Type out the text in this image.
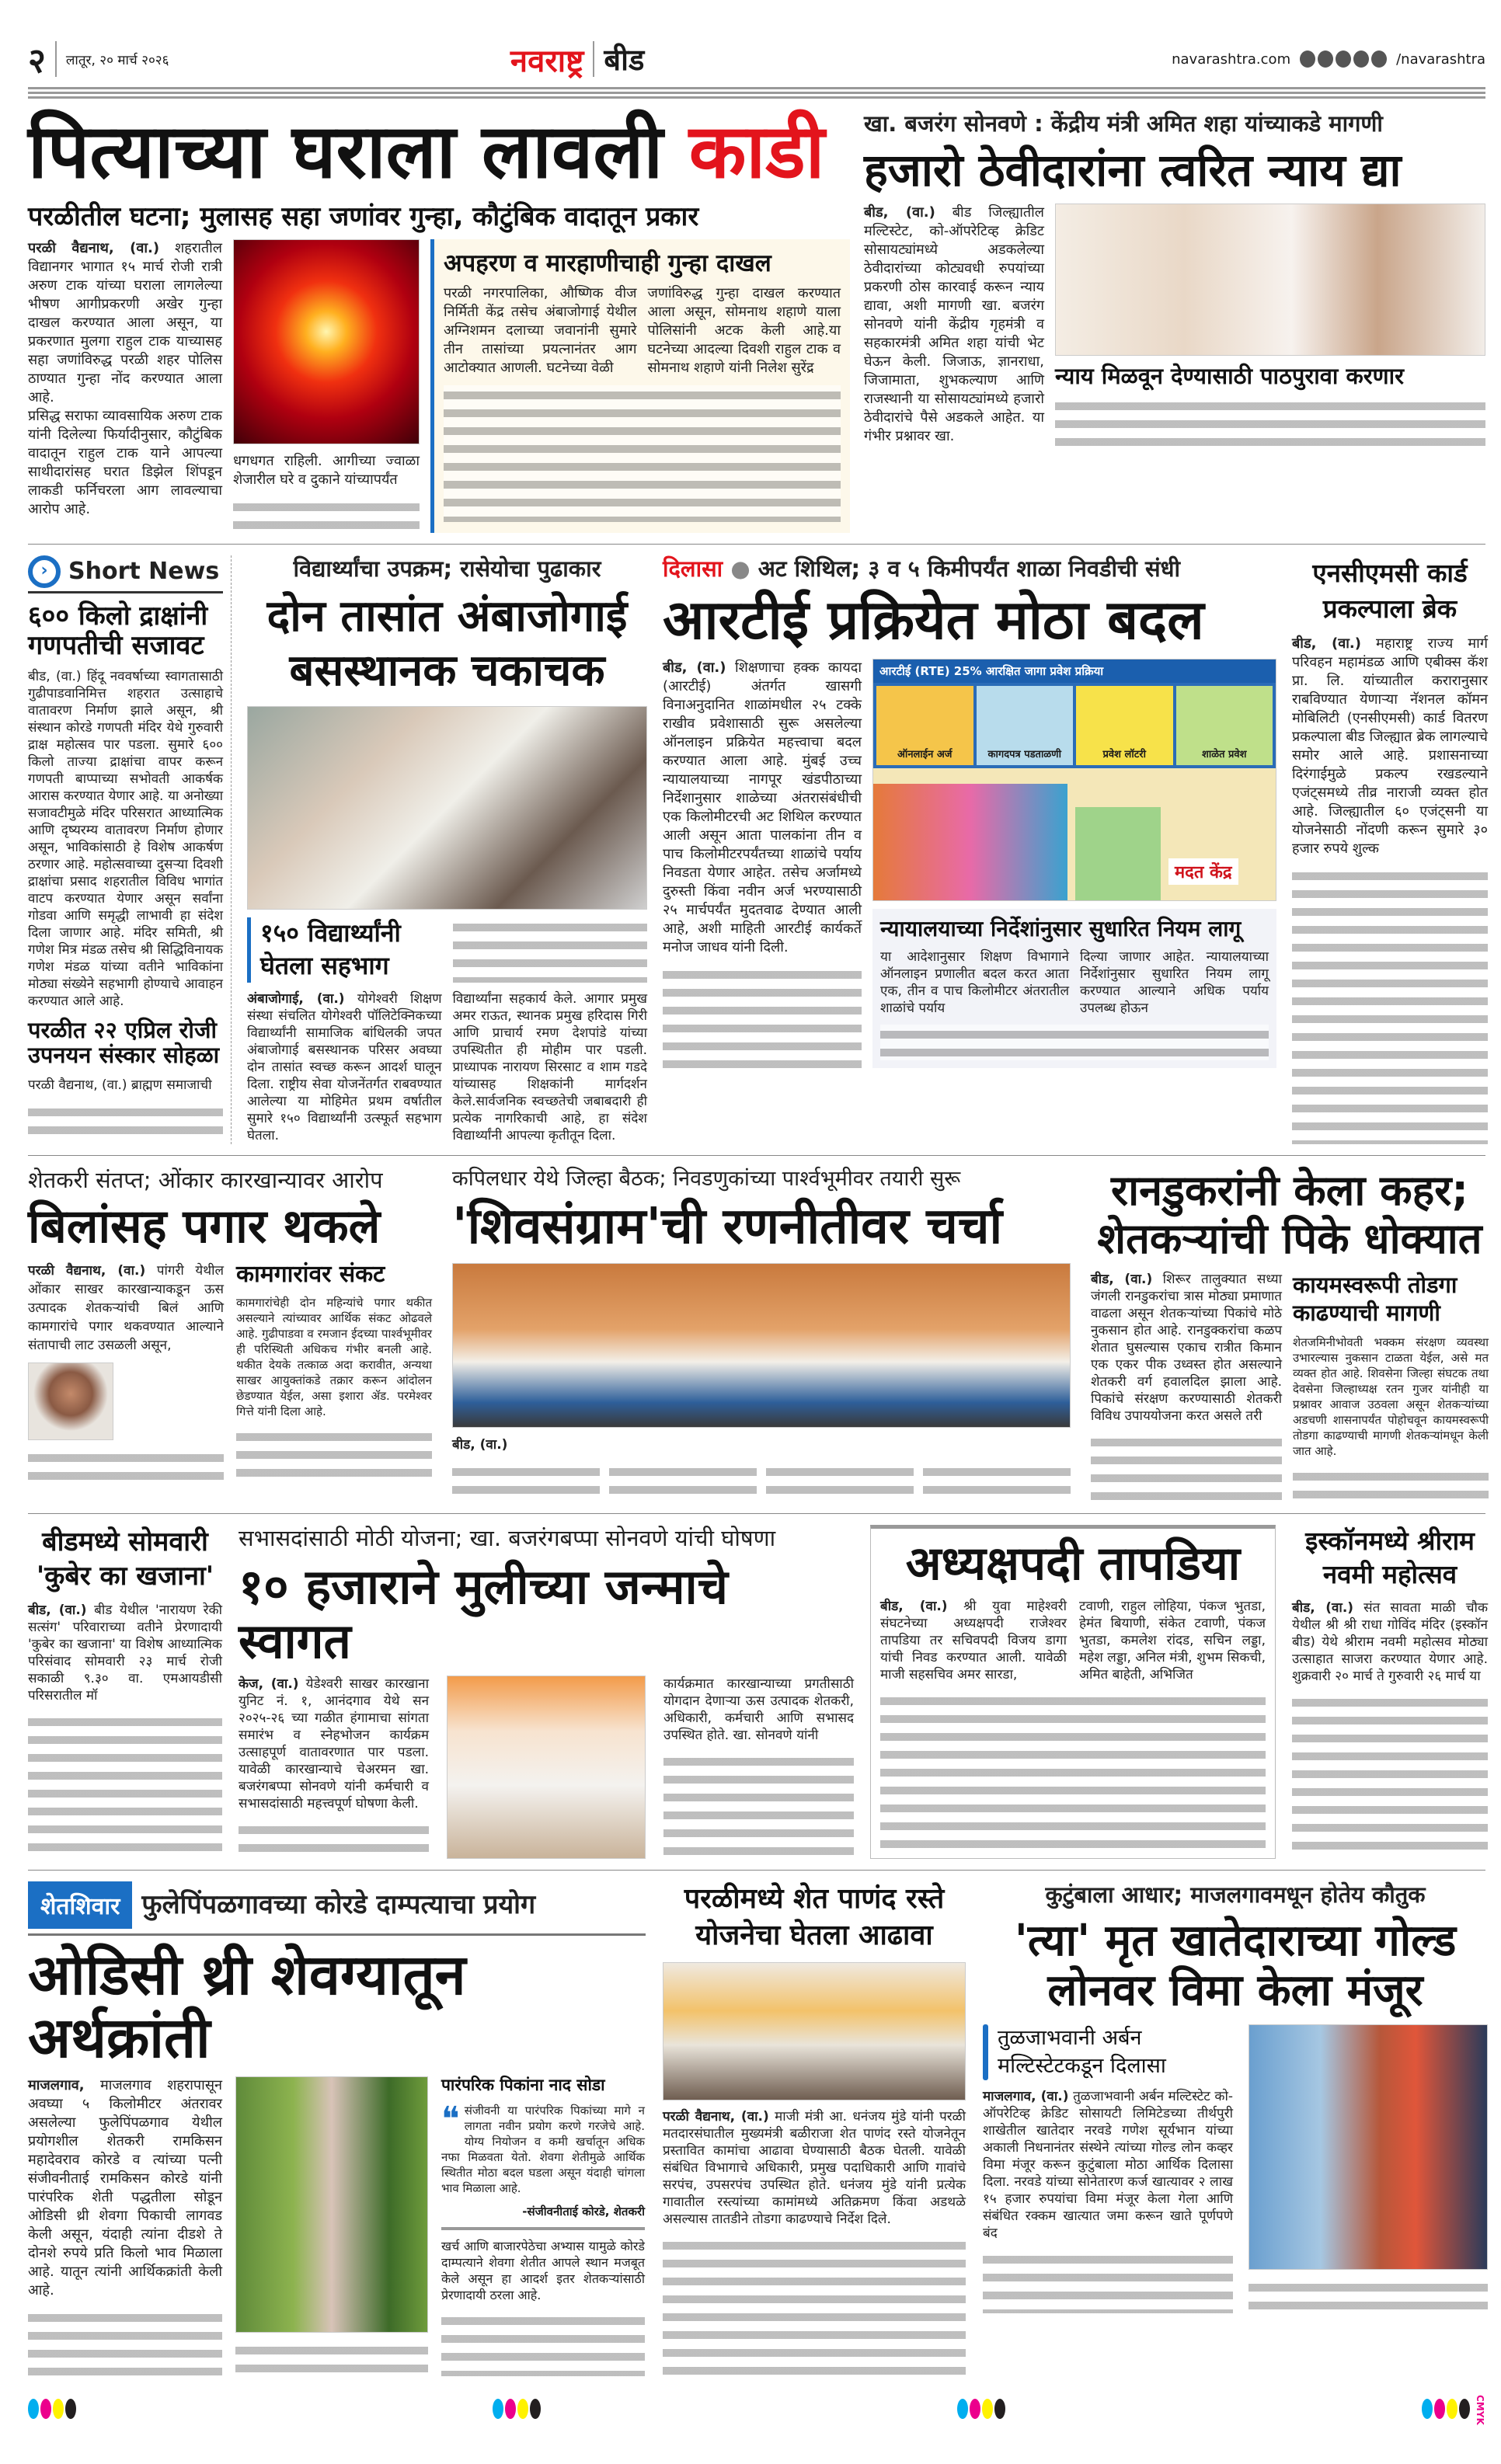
२ लातूर, २० मार्च २०२६	नवराष्ट्र बीड	navarashtra.com	/navarashtra
पित्याच्या घराला लावली काडी
परळीतील घटना; मुलासह सहा जणांवर गुन्हा, कौटुंबिक वादातून प्रकार
परळी वैद्यनाथ, (वा.) शहरातील विद्यानगर भागात १५ मार्च रोजी रात्री अरुण टाक यांच्या घराला लागलेल्या भीषण आगीप्रकरणी अखेर गुन्हा दाखल करण्यात आला असून, या प्रकरणात मुलगा राहुल टाक याच्यासह सहा जणांविरुद्ध परळी शहर पोलिस ठाण्यात गुन्हा नोंद करण्यात आला आहे.
प्रसिद्ध सराफा व्यावसायिक अरुण टाक यांनी दिलेल्या फिर्यादीनुसार, कौटुंबिक वादातून राहुल टाक याने आपल्या साथीदारांसह घरात डिझेल शिंपडून लाकडी फर्निचरला आग लावल्याचा आरोप आहे.
धगधगत राहिली. आगीच्या ज्वाळा शेजारील घरे व दुकाने यांच्यापर्यंत
अपहरण व मारहाणीचाही गुन्हा दाखल
परळी नगरपालिका, औष्णिक वीज निर्मिती केंद्र तसेच अंबाजोगाई येथील अग्निशमन दलाच्या जवानांनी सुमारे तीन तासांच्या प्रयत्नानंतर आग आटोक्यात आणली. घटनेच्या वेळी
जणांविरुद्ध गुन्हा दाखल करण्यात आला असून, सोमनाथ शहाणे याला पोलिसांनी अटक केली आहे.या घटनेच्या आदल्या दिवशी राहुल टाक व सोमनाथ शहाणे यांनी निलेश सुरेंद्र
खा. बजरंग सोनवणे : केंद्रीय मंत्री अमित शहा यांच्याकडे मागणी
हजारो ठेवीदारांना त्वरित न्याय द्या
बीड, (वा.) बीड जिल्ह्यातील मल्टिस्टेट, को-ऑपरेटिव्ह क्रेडिट सोसायट्यांमध्ये अडकलेल्या ठेवीदारांच्या कोट्यवधी रुपयांच्या प्रकरणी ठोस कारवाई करून न्याय द्यावा, अशी मागणी खा. बजरंग सोनवणे यांनी केंद्रीय गृहमंत्री व सहकारमंत्री अमित शहा यांची भेट घेऊन केली. जिजाऊ, ज्ञानराधा, जिजामाता, शुभकल्याण आणि राजस्थानी या सोसायट्यांमध्ये हजारो ठेवीदारांचे पैसे अडकले आहेत. या गंभीर प्रश्नावर खा.
न्याय मिळवून देण्यासाठी पाठपुरावा करणार
› Short News
६०० किलो द्राक्षांनी गणपतीची सजावट
बीड, (वा.) हिंदू नववर्षाच्या स्वागतासाठी गुढीपाडवानिमित्त शहरात उत्साहाचे वातावरण निर्माण झाले असून, श्री संस्थान कोरडे गणपती मंदिर येथे गुरुवारी द्राक्ष महोत्सव पार पडला. सुमारे ६०० किलो ताज्या द्राक्षांचा वापर करून गणपती बाप्पाच्या सभोवती आकर्षक आरास करण्यात येणार आहे. या अनोख्या सजावटीमुळे मंदिर परिसरात आध्यात्मिक आणि दृष्यरम्य वातावरण निर्माण होणार असून, भाविकांसाठी हे विशेष आकर्षण ठरणार आहे. महोत्सवाच्या दुसऱ्या दिवशी द्राक्षांचा प्रसाद शहरातील विविध भागांत वाटप करण्यात येणार असून सर्वांना गोडवा आणि समृद्धी लाभावी हा संदेश दिला जाणार आहे. मंदिर समिती, श्री गणेश मित्र मंडळ तसेच श्री सिद्धिविनायक गणेश मंडळ यांच्या वतीने भाविकांना मोठ्या संख्येने सहभागी होण्याचे आवाहन करण्यात आले आहे.
परळीत २२ एप्रिल रोजी उपनयन संस्कार सोहळा
परळी वैद्यनाथ, (वा.) ब्राह्मण समाजाची
विद्यार्थ्यांचा उपक्रम; रासेयोचा पुढाकार
दोन तासांत अंबाजोगाई बसस्थानक चकाचक
१५० विद्यार्थ्यांनी घेतला सहभाग
अंबाजोगाई, (वा.) योगेश्वरी शिक्षण संस्था संचलित योगेश्वरी पॉलिटेक्निकच्या विद्यार्थ्यांनी सामाजिक बांधिलकी जपत अंबाजोगाई बसस्थानक परिसर अवघ्या दोन तासांत स्वच्छ करून आदर्श घालून दिला. राष्ट्रीय सेवा योजनेंतर्गत राबवण्यात आलेल्या या मोहिमेत प्रथम वर्षातील सुमारे १५० विद्यार्थ्यांनी उत्स्फूर्त सहभाग घेतला.
विद्यार्थ्यांना सहकार्य केले. आगार प्रमुख अमर राऊत, स्थानक प्रमुख हरिदास गिरी आणि प्राचार्य रमण देशपांडे यांच्या उपस्थितीत ही मोहीम पार पडली. प्राध्यापक नारायण सिरसाट व शाम गडदे यांच्यासह शिक्षकांनी मार्गदर्शन केले.सार्वजनिक स्वच्छतेची जबाबदारी ही प्रत्येक नागरिकाची आहे, हा संदेश विद्यार्थ्यांनी आपल्या कृतीतून दिला.
दिलासा ● अट शिथिल; ३ व ५ किमीपर्यंत शाळा निवडीची संधी
आरटीई प्रक्रियेत मोठा बदल
बीड, (वा.) शिक्षणाचा हक्क कायदा (आरटीई) अंतर्गत खासगी विनाअनुदानित शाळांमधील २५ टक्के राखीव प्रवेशासाठी सुरू असलेल्या ऑनलाइन प्रक्रियेत महत्त्वाचा बदल करण्यात आला आहे. मुंबई उच्च न्यायालयाच्या नागपूर खंडपीठाच्या निर्देशानुसार शाळेच्या अंतरासंबंधीची एक किलोमीटरची अट शिथिल करण्यात आली असून आता पालकांना तीन व पाच किलोमीटरपर्यंतच्या शाळांचे पर्याय निवडता येणार आहेत. तसेच अर्जामध्ये दुरुस्ती किंवा नवीन अर्ज भरण्यासाठी २५ मार्चपर्यंत मुदतवाढ देण्यात आली आहे, अशी माहिती आरटीई कार्यकर्ते मनोज जाधव यांनी दिली.
आरटीई (RTE) 25% आरक्षित जागा प्रवेश प्रक्रिया
ऑनलाईन अर्ज	कागदपत्र पडताळणी	प्रवेश लॉटरी	शाळेत प्रवेश
मदत केंद्र
न्यायालयाच्या निर्देशांनुसार सुधारित नियम लागू
या आदेशानुसार शिक्षण विभागाने ऑनलाइन प्रणालीत बदल करत आता एक, तीन व पाच किलोमीटर अंतरातील शाळांचे पर्याय
दिल्या जाणार आहेत. न्यायालयाच्या निर्देशांनुसार सुधारित नियम लागू करण्यात आल्याने अधिक पर्याय उपलब्ध होऊन
एनसीएमसी कार्ड प्रकल्पाला ब्रेक
बीड, (वा.) महाराष्ट्र राज्य मार्ग परिवहन महामंडळ आणि एबीक्स कॅश प्रा. लि. यांच्यातील करारानुसार राबविण्यात येणाऱ्या नॅशनल कॉमन मोबिलिटी (एनसीएमसी) कार्ड वितरण प्रकल्पाला बीड जिल्ह्यात ब्रेक लागल्याचे समोर आले आहे. प्रशासनाच्या दिरंगाईमुळे प्रकल्प रखडल्याने एजंट्समध्ये तीव्र नाराजी व्यक्त होत आहे. जिल्ह्यातील ६० एजंट्सनी या योजनेसाठी नोंदणी करून सुमारे ३० हजार रुपये शुल्क
शेतकरी संतप्त; ओंकार कारखान्यावर आरोप
बिलांसह पगार थकले
परळी वैद्यनाथ, (वा.) पांगरी येथील ओंकार साखर कारखान्याकडून ऊस उत्पादक शेतकऱ्यांची बिलं आणि कामगारांचे पगार थकवण्यात आल्याने संतापाची लाट उसळली असून,
कामगारांवर संकट
कामगारांचेही दोन महिन्यांचे पगार थकीत असल्याने त्यांच्यावर आर्थिक संकट ओढवले आहे. गुढीपाडवा व रमजान ईदच्या पार्श्वभूमीवर ही परिस्थिती अधिकच गंभीर बनली आहे. थकीत देयके तत्काळ अदा करावीत, अन्यथा साखर आयुक्तांकडे तक्रार करून आंदोलन छेडण्यात येईल, असा इशारा ॲड. परमेश्वर गित्ते यांनी दिला आहे.
कपिलधार येथे जिल्हा बैठक; निवडणुकांच्या पार्श्वभूमीवर तयारी सुरू
'शिवसंग्राम'ची रणनीतीवर चर्चा
बीड, (वा.)
रानडुकरांनी केला कहर; शेतकऱ्यांची पिके धोक्यात
बीड, (वा.) शिरूर तालुक्यात सध्या जंगली रानडुकरांचा त्रास मोठ्या प्रमाणात वाढला असून शेतकऱ्यांच्या पिकांचे मोठे नुकसान होत आहे. रानडुक्करांचा कळप शेतात घुसल्यास एकाच रात्रीत किमान एक एकर पीक उध्वस्त होत असल्याने शेतकरी वर्ग हवालदिल झाला आहे. पिकांचे संरक्षण करण्यासाठी शेतकरी विविध उपाययोजना करत असले तरी
कायमस्वरूपी तोडगा काढण्याची मागणी
शेतजमिनीभोवती भक्कम संरक्षण व्यवस्था उभारल्यास नुकसान टाळता येईल, असे मत व्यक्त होत आहे. शिवसेना जिल्हा संघटक तथा देवसेना जिल्हाध्यक्ष रतन गुजर यांनीही या प्रश्नावर आवाज उठवला असून शेतकऱ्यांच्या अडचणी शासनापर्यंत पोहोचवून कायमस्वरूपी तोडगा काढण्याची मागणी शेतकऱ्यांमधून केली जात आहे.
बीडमध्ये सोमवारी 'कुबेर का खजाना'
बीड, (वा.) बीड येथील 'नारायण रेकी सत्संग' परिवाराच्या वतीने प्रेरणादायी 'कुबेर का खजाना' या विशेष आध्यात्मिक परिसंवाद सोमवारी २३ मार्च रोजी सकाळी ९.३० वा. एमआयडीसी परिसरातील मॉ
सभासदांसाठी मोठी योजना; खा. बजरंगबप्पा सोनवणे यांची घोषणा
१० हजाराने मुलीच्या जन्माचे स्वागत
केज, (वा.) येडेश्वरी साखर कारखाना युनिट नं. १, आनंदगाव येथे सन २०२५-२६ च्या गळीत हंगामाचा सांगता समारंभ व स्नेहभोजन कार्यक्रम उत्साहपूर्ण वातावरणात पार पडला. यावेळी कारखान्याचे चेअरमन खा. बजरंगबप्पा सोनवणे यांनी कर्मचारी व सभासदांसाठी महत्त्वपूर्ण घोषणा केली.
कार्यक्रमात कारखान्याच्या प्रगतीसाठी योगदान देणाऱ्या ऊस उत्पादक शेतकरी, अधिकारी, कर्मचारी आणि सभासद उपस्थित होते. खा. सोनवणे यांनी
अध्यक्षपदी तापडिया
बीड, (वा.) श्री युवा माहेश्वरी संघटनेच्या अध्यक्षपदी राजेश्वर तापडिया तर सचिवपदी विजय डागा यांची निवड करण्यात आली. यावेळी माजी सहसचिव अमर सारडा,
टवाणी, राहुल लोहिया, पंकज भुतडा, हेमंत बियाणी, संकेत टवाणी, पंकज भुतडा, कमलेश रांदड, सचिन लड्डा, महेश लड्डा, अनिल मंत्री, शुभम सिकची, अमित बाहेती, अभिजित
इस्कॉनमध्ये श्रीराम नवमी महोत्सव
बीड, (वा.) संत सावता माळी चौक येथील श्री श्री राधा गोविंद मंदिर (इस्कॉन बीड) येथे श्रीराम नवमी महोत्सव मोठ्या उत्साहात साजरा करण्यात येणार आहे. शुक्रवारी २० मार्च ते गुरुवारी २६ मार्च या
शेतशिवार फुलेपिंपळगावच्या कोरडे दाम्पत्याचा प्रयोग
ओडिसी थ्री शेवग्यातून अर्थक्रांती
माजलगाव, माजलगाव शहरापासून अवघ्या ५ किलोमीटर अंतरावर असलेल्या फुलेपिंपळगाव येथील प्रयोगशील शेतकरी रामकिसन महादेवराव कोरडे व त्यांच्या पत्नी संजीवनीताई रामकिसन कोरडे यांनी पारंपरिक शेती पद्धतीला सोडून ओडिसी थ्री शेवगा पिकाची लागवड केली असून, यंदाही त्यांना दीडशे ते दोनशे रुपये प्रति किलो भाव मिळाला आहे. यातून त्यांनी आर्थिकक्रांती केली आहे.
पारंपरिक पिकांना नाद सोडा
❝ संजीवनी या पारंपरिक पिकांच्या मागे न लागता नवीन प्रयोग करणे गरजेचे आहे. योग्य नियोजन व कमी खर्चातून अधिक नफा मिळवता येतो. शेवगा शेतीमुळे आर्थिक स्थितीत मोठा बदल घडला असून यंदाही चांगला भाव मिळाला आहे.
-संजीवनीताई कोरडे, शेतकरी
खर्च आणि बाजारपेठेचा अभ्यास यामुळे कोरडे दाम्पत्याने शेवगा शेतीत आपले स्थान मजबूत केले असून हा आदर्श इतर शेतकऱ्यांसाठी प्रेरणादायी ठरला आहे.
परळीमध्ये शेत पाणंद रस्ते योजनेचा घेतला आढावा
परळी वैद्यनाथ, (वा.) माजी मंत्री आ. धनंजय मुंडे यांनी परळी मतदारसंघातील मुख्यमंत्री बळीराजा शेत पाणंद रस्ते योजनेतून प्रस्तावित कामांचा आढावा घेण्यासाठी बैठक घेतली. यावेळी संबंधित विभागाचे अधिकारी, प्रमुख पदाधिकारी आणि गावांचे सरपंच, उपसरपंच उपस्थित होते. धनंजय मुंडे यांनी प्रत्येक गावातील रस्त्यांच्या कामांमध्ये अतिक्रमण किंवा अडथळे असल्यास तातडीने तोडगा काढण्याचे निर्देश दिले.
कुटुंबाला आधार; माजलगावमधून होतेय कौतुक
'त्या' मृत खातेदाराच्या गोल्ड लोनवर विमा केला मंजूर
तुळजाभवानी अर्बन मल्टिस्टेटकडून दिलासा
माजलगाव, (वा.) तुळजाभवानी अर्बन मल्टिस्टेट को-ऑपरेटिव्ह क्रेडिट सोसायटी लिमिटेडच्या तीर्थपुरी शाखेतील खातेदार नरवडे गणेश सूर्यभान यांच्या अकाली निधनानंतर संस्थेने त्यांच्या गोल्ड लोन कव्हर विमा मंजूर करून कुटुंबाला मोठा आर्थिक दिलासा दिला. नरवडे यांच्या सोनेतारण कर्ज खात्यावर २ लाख १५ हजार रुपयांचा विमा मंजूर केला गेला आणि संबंधित रक्कम खात्यात जमा करून खाते पूर्णपणे बंद
CMYK
